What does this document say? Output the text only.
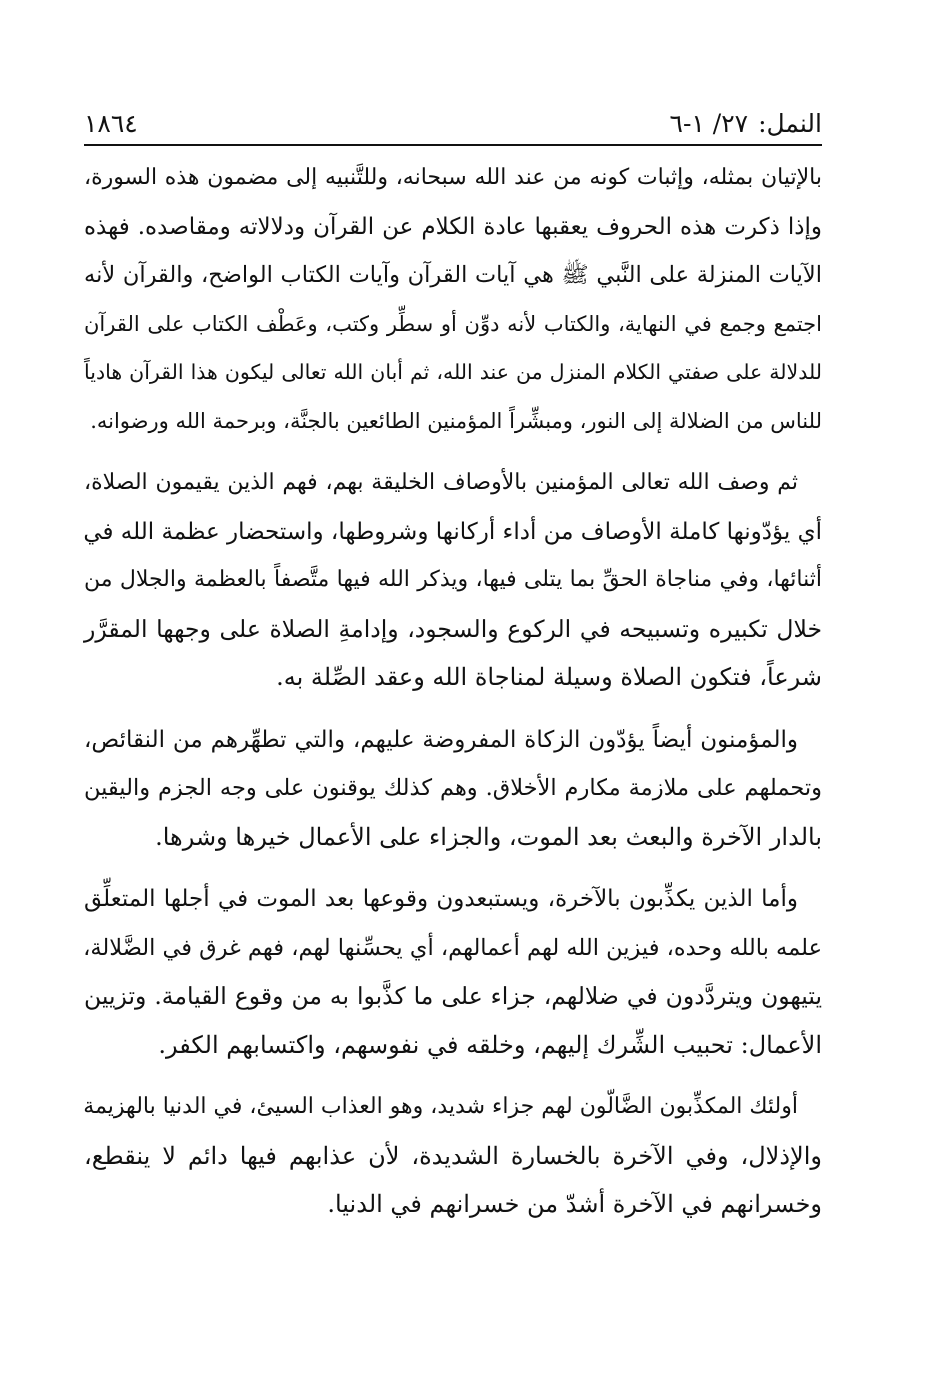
النمل:
٢٧/ ١-٦
١٨٦٤

بالإتيان بمثله، وإثبات كونه من عند الله سبحانه، وللتَّنبيه إلى مضمون هذه السورة،
وإذا ذكرت هذه الحروف يعقبها عادة الكلام عن القرآن ودلالاته ومقاصده. فهذه
الآيات المنزلة على النَّبي ﷺ هي آيات القرآن وآيات الكتاب الواضح، والقرآن لأنه
اجتمع وجمع في النهاية، والكتاب لأنه دوِّن أو سطِّر وكتب، وعَطْف الكتاب على القرآن
للدلالة على صفتي الكلام المنزل من عند الله، ثم أبان الله تعالى ليكون هذا القرآن هادياً
للناس من الضلالة إلى النور، ومبشِّراً المؤمنين الطائعين بالجنَّة، وبرحمة الله ورضوانه.

ثم وصف الله تعالى المؤمنين بالأوصاف الخليقة بهم، فهم الذين يقيمون الصلاة،
أي يؤدّونها كاملة الأوصاف من أداء أركانها وشروطها، واستحضار عظمة الله في
أثنائها، وفي مناجاة الحقِّ بما يتلى فيها، ويذكر الله فيها متَّصفاً بالعظمة والجلال من
خلال تكبيره وتسبيحه في الركوع والسجود، وإدامةِ الصلاة على وجهها المقرَّر
شرعاً، فتكون الصلاة وسيلة لمناجاة الله وعقد الصِّلة به.

والمؤمنون أيضاً يؤدّون الزكاة المفروضة عليهم، والتي تطهِّرهم من النقائص،
وتحملهم على ملازمة مكارم الأخلاق. وهم كذلك يوقنون على وجه الجزم واليقين
بالدار الآخرة والبعث بعد الموت، والجزاء على الأعمال خيرها وشرها.

وأما الذين يكذِّبون بالآخرة، ويستبعدون وقوعها بعد الموت في أجلها المتعلِّق
علمه بالله وحده، فيزين الله لهم أعمالهم، أي يحسِّنها لهم، فهم غرق في الضَّلالة،
يتيهون ويتردَّدون في ضلالهم، جزاء على ما كذَّبوا به من وقوع القيامة. وتزيين
الأعمال: تحبيب الشِّرك إليهم، وخلقه في نفوسهم، واكتسابهم الكفر.

أولئك المكذِّبون الضَّالّون لهم جزاء شديد، وهو العذاب السيئ، في الدنيا بالهزيمة
والإذلال، وفي الآخرة بالخسارة الشديدة، لأن عذابهم فيها دائم لا ينقطع،
وخسرانهم في الآخرة أشدّ من خسرانهم في الدنيا.
